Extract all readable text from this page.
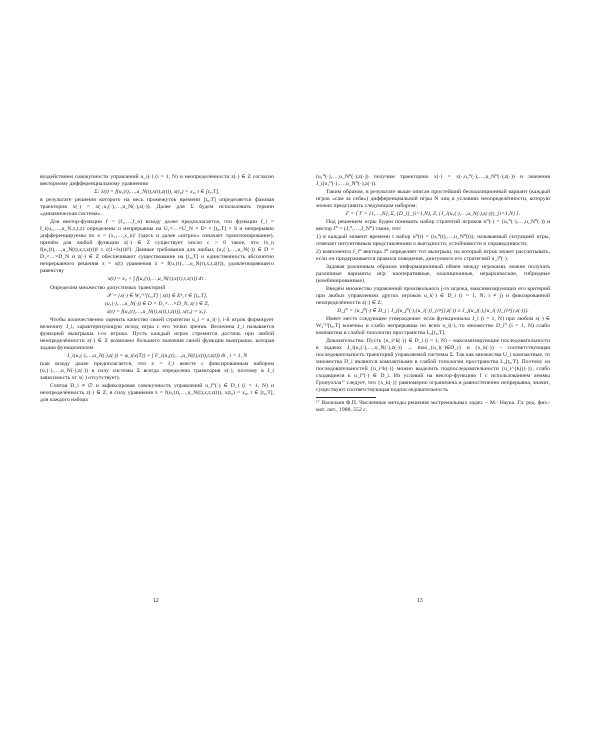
воздействием совокупности управлений u_i(·) (i = 1, N) и неопределённости z(·) ∈ Z согласно векторному дифференциальному уравнению

Σ: ẋ(t) = f(u₁(t),…,u_N(t),x(t),z(t)), x(t₀) = x₀, t ∈ [t₀,T],

в результате решения которого на весь промежуток времени [t₀,T] определяется фазовая траектория x(·) = x(·,u₁(·),…,u_N(·),z(·)). Далее для Σ будем использовать термин «динамическая система».

Для вектор-функции f = (f₁,…,f_n) всюду далее предполагается, что функции f_i = f_i(u₁,…,u_N,x,t,z) определены и непрерывны на U₁×…×U_N × Eⁿ × [t₀,T] × S и непрерывно дифференцируемы по x = (x₁,…,x_n)′ (здесь и далее «штрих» означает транспонирование), причём для любой функции z(·) ∈ Z существует число c > 0 такое, что ‖x_n f(u₁(t),…,u_N(t),x,t,z(t))‖ ≤ c(1+‖x(t)‖²). Данные требования для любых (u₁(·),…,u_N(·)) ∈ D = D₁×…×D_N и z(·) ∈ Z обеспечивают существование на [t₀,T] и единственность абсолютно непрерывного решения x = x(t) уравнения ẋ = f(u₁(t),…,u_N(t),x,t,z(t)), удовлетворяющего равенству

x(t) = x₀ + ∫ f(u₁(τ),…,u_N(τ),x(τ),τ,z(τ)) dτ .

Определим множество допустимых траекторий

𝒳 = {x(·) ∈ W₂⁽¹⁾[t₀,T] | x(t) ∈ Eⁿ, t ∈ [t₀,T],
(u₁(·),…,u_N(·)) ∈ D = D₁×…×D_N, z(·) ∈ Z,
ẋ(t) = f(u₁(t),…,u_N(t),x(t),t,z(t)), x(t₀) = x₀}.

Чтобы количественно оценить качество своей стратегии u_i = u_i(·), i-й игрок формирует величину J_i, характеризующую исход игры с его точки зрения. Величина J_i называется функцией выигрыша i-го игрока. Пусть каждый игрок стремится достичь при любой неопределённости z(·) ∈ Z возможно большего значения своей функции выигрыша, которая задана функционалом

J_i(u₁(·),…,u_N(·),z(·)) = φ_i(x(T)) + ∫ F_i(u₁(t),…,u_N(t),x(t),t,z(t)) dt , i = 1, N

(как всюду далее предполагается, что x = J_i вместе с фиксированным набором (u₁(·),…,u_N(·),z(·)) в силу системы Σ всегда определена траектория x(·), поэтому в J_i зависимость от x(·) отсутствует).

Считая D_i ≠ ∅ и зафиксировав совокупность управлений u_i⁰(·) ∈ D_i (i = 1, N) и неопределённость z(·) ∈ Z, в силу уравнения ẋ = f(u₁(t),…,u_N(t),x,t,z(t)), x(t₀) = x₀, t ∈ [t₀,T], для каждого набора

12

(u₁⁰(·),…,u_N⁰(·),z(·)) получим траекторию x(·) = x(·,u₁⁰(·),…,u_N⁰(·),z(·)) и значения J_i(u₁⁰(·),…,u_N⁰(·),z(·)).

Таким образом, в результате выше описан простейший бескоалиционный вариант (каждый игрок «сам за себя») дифференциальной игры N лиц в условиях неопределённости, которую можно представить следующим набором:

Γ = ⟨ Γ = {1,…,N}, Σ, {D_i}_{i=1,N}, Z, {J_i(u₁(·),…,u_N(·),z(·))}_{i=1,N} ⟩.

Под решением игры будем понимать набор стратегий игроков u⁰(·) = (u₁⁰(·),…,u_N⁰(·)) и вектор J⁰ = (J₁⁰,…,J_N⁰) такие, что:

1) в каждый момент времени t набор u⁰(t) = (u₁⁰(t),…,u_N⁰(t)), называемый ситуацией игры, отвечает интуитивным представлениям о выгодности, устойчивости и справедливости;

2) компонента J_i⁰ вектора J⁰ определяет тот выигрыш, на который игрок может рассчитывать, если он придерживается правила поведения, диктуемого его стратегией u_i⁰(·).

Задавая различным образом информационный обмен между игроками, можно получать различные варианты игр: кооперативные, коалиционные, иерархические, гибридные (комбинированные).

Введём множество управлений произвольного j-го игрока, максимизирующих его критерий при любых управлениях других игроков u_i(·) ∈ D_i (i = 1, N; i ≠ j) и фиксированной неопределённости z(·) ∈ Z:

D_j⁰ = {u_j⁰(·) ∈ D_j | J_j(u_j⁰(·),{u_i(·)}_{i≠j},z(·)) ≥ J_j(u_j(·),{u_i(·)}_{i≠j},z(·))}.

Имеет место следующее утверждение: если функционалы J_i (i = 1, N) при любом x(·) ∈ W₂⁽¹⁾[t₀,T] конечны и слабо непрерывны по всем u_i(·), то множество D_i⁰ (i = 1, N) слабо компактны в слабой топологии пространства L₂[t₀,T].

Доказательство. Пусть {u_i^k(·)} ∈ D_i (i = 1, N) – максимизирующие последовательности в задачах J_i(u₁(·),…,u_N(·),z(·)) → max_{u_i(·)∈D_i} и {x_k(·)} – соответствующая последовательность траекторий управляемой системы Σ. Так как множества U_i компактные, то множества D_i являются компактными в слабой топологии пространства L₂[t₀,T]. Поэтому из последовательностей {u_i^k(·)} можно выделить подпоследовательности {u_i^{kj}(·)}, слабо сходящиеся к u_i⁰(·) ∈ D_i. Из условий на вектор-функцию f с использованием леммы Гронуолла¹⁷ следует, что {x_k(·)} равномерно ограничена и равностепенно непрерывна, значит, существуют соответствующая подпоследовательность

¹⁷ Васильев Ф.П. Численные методы решения экстремальных задач. – М.: Наука. Гл. ред. физ.-мат. лит., 1988. 552 с.

13
